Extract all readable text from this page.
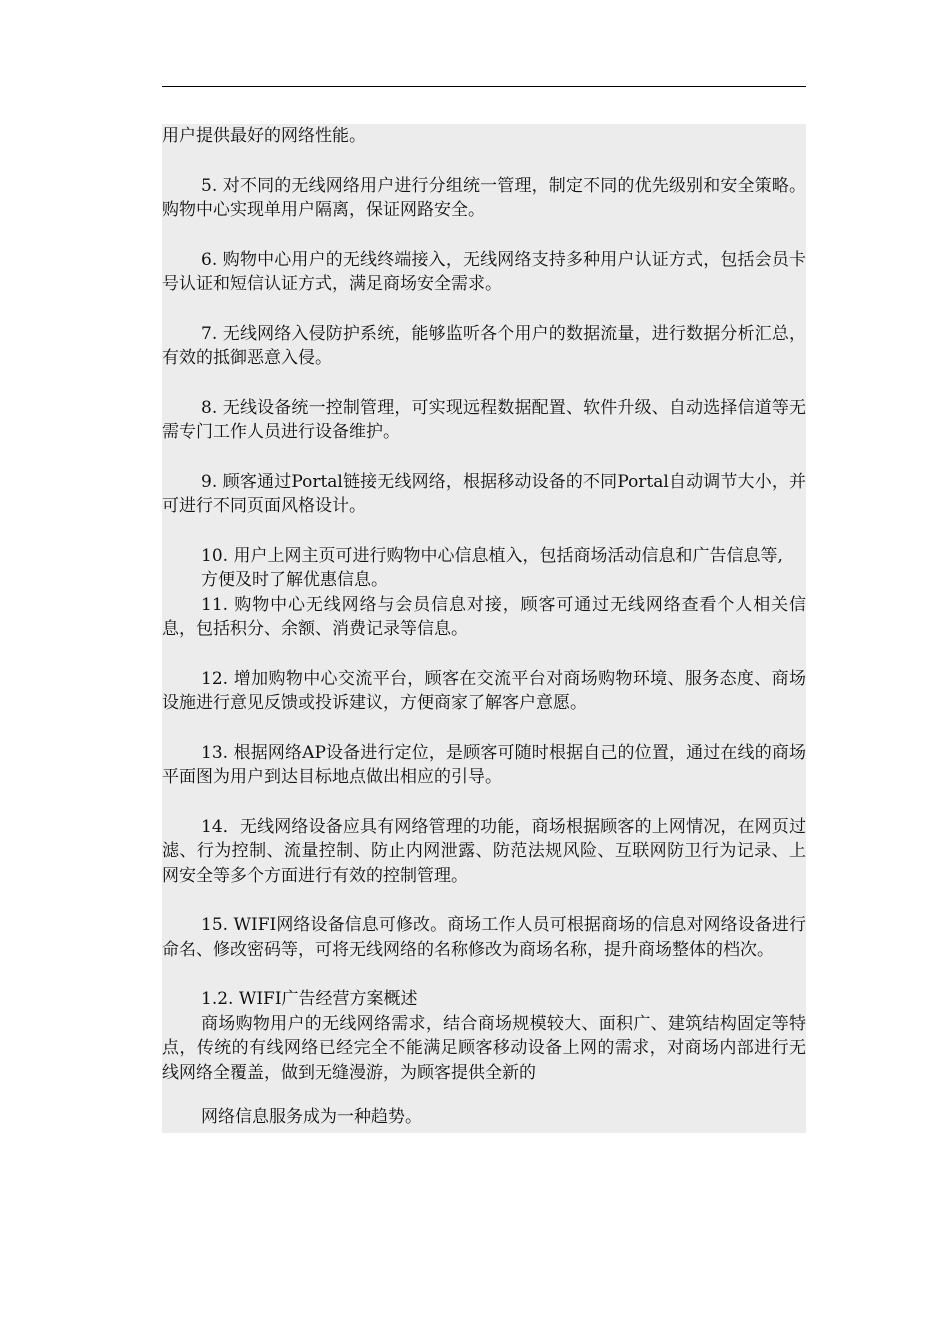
用户提供最好的网络性能。

5. 对不同的无线网络用户进行分组统一管理，制定不同的优先级别和安全策略。购物中心实现单用户隔离，保证网路安全。

6. 购物中心用户的无线终端接入，无线网络支持多种用户认证方式，包括会员卡号认证和短信认证方式，满足商场安全需求。

7. 无线网络入侵防护系统，能够监听各个用户的数据流量，进行数据分析汇总，有效的抵御恶意入侵。

8. 无线设备统一控制管理，可实现远程数据配置、软件升级、自动选择信道等无需专门工作人员进行设备维护。

9. 顾客通过Portal链接无线网络，根据移动设备的不同Portal自动调节大小，并可进行不同页面风格设计。

10. 用户上网主页可进行购物中心信息植入，包括商场活动信息和广告信息等,

方便及时了解优惠信息。

11. 购物中心无线网络与会员信息对接，顾客可通过无线网络查看个人相关信息，包括积分、余额、消费记录等信息。

12. 增加购物中心交流平台，顾客在交流平台对商场购物环境、服务态度、商场设施进行意见反馈或投诉建议，方便商家了解客户意愿。

13. 根据网络AP设备进行定位，是顾客可随时根据自己的位置，通过在线的商场平面图为用户到达目标地点做出相应的引导。

14．无线网络设备应具有网络管理的功能，商场根据顾客的上网情况，在网页过滤、行为控制、流量控制、防止内网泄露、防范法规风险、互联网防卫行为记录、上网安全等多个方面进行有效的控制管理。

15. WIFI网络设备信息可修改。商场工作人员可根据商场的信息对网络设备进行命名、修改密码等，可将无线网络的名称修改为商场名称，提升商场整体的档次。

1.2. WIFI广告经营方案概述

商场购物用户的无线网络需求，结合商场规模较大、面积广、建筑结构固定等特点，传统的有线网络已经完全不能满足顾客移动设备上网的需求，对商场内部进行无线网络全覆盖，做到无缝漫游，为顾客提供全新的

网络信息服务成为一种趋势。
